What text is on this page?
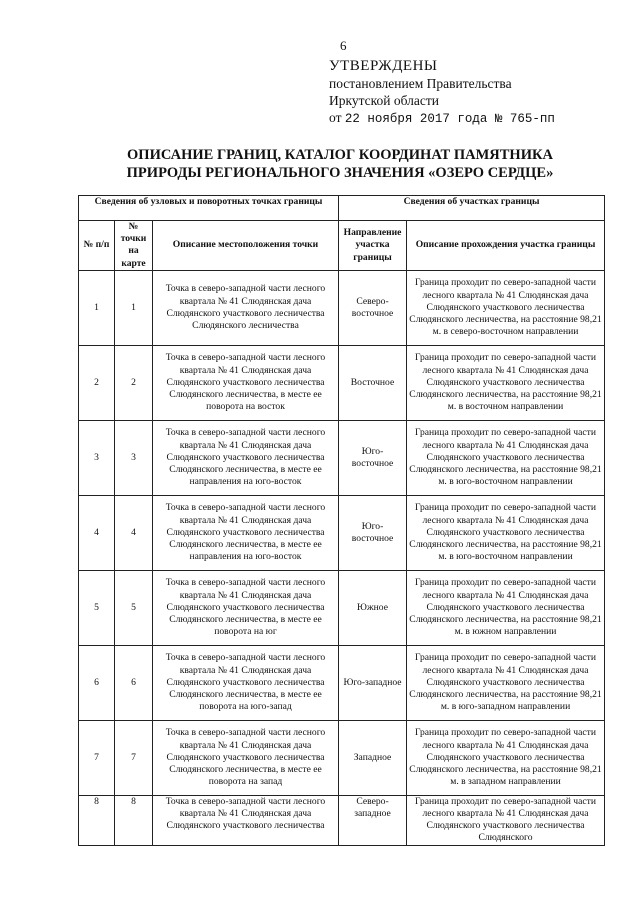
6
УТВЕРЖДЕНЫ
постановлением Правительства
Иркутской области
от 22 ноября 2017 года № 765-пп
ОПИСАНИЕ ГРАНИЦ, КАТАЛОГ КООРДИНАТ ПАМЯТНИКА
ПРИРОДЫ РЕГИОНАЛЬНОГО ЗНАЧЕНИЯ «ОЗЕРО СЕРДЦЕ»
Сведения об узловых и поворотных точках границы			Сведения об участках границы	
№ п/п	№ точки на карте	Описание местоположения точки	Направление участка границы	Описание прохождения участка границы
1	1	Точка в северо-западной части лесного квартала № 41 Слюдянская дача Слюдянского участкового лесничества Слюдянского лесничества	Северо-восточное	Граница проходит по северо-западной части лесного квартала № 41 Слюдянская дача Слюдянского участкового лесничества Слюдянского лесничества, на расстояние 98,21 м. в северо-восточном направлении
2	2	Точка в северо-западной части лесного квартала № 41 Слюдянская дача Слюдянского участкового лесничества Слюдянского лесничества, в месте ее поворота на восток	Восточное	Граница проходит по северо-западной части лесного квартала № 41 Слюдянская дача Слюдянского участкового лесничества Слюдянского лесничества, на расстояние 98,21 м. в восточном направлении
3	3	Точка в северо-западной части лесного квартала № 41 Слюдянская дача Слюдянского участкового лесничества Слюдянского лесничества, в месте ее направления на юго-восток	Юго-восточное	Граница проходит по северо-западной части лесного квартала № 41 Слюдянская дача Слюдянского участкового лесничества Слюдянского лесничества, на расстояние 98,21 м. в юго-восточном направлении
4	4	Точка в северо-западной части лесного квартала № 41 Слюдянская дача Слюдянского участкового лесничества Слюдянского лесничества, в месте ее направления на юго-восток	Юго-восточное	Граница проходит по северо-западной части лесного квартала № 41 Слюдянская дача Слюдянского участкового лесничества Слюдянского лесничества, на расстояние 98,21 м. в юго-восточном направлении
5	5	Точка в северо-западной части лесного квартала № 41 Слюдянская дача Слюдянского участкового лесничества Слюдянского лесничества, в месте ее поворота на юг	Южное	Граница проходит по северо-западной части лесного квартала № 41 Слюдянская дача Слюдянского участкового лесничества Слюдянского лесничества, на расстояние 98,21 м. в южном направлении
6	6	Точка в северо-западной части лесного квартала № 41 Слюдянская дача Слюдянского участкового лесничества Слюдянского лесничества, в месте ее поворота на юго-запад	Юго-западное	Граница проходит по северо-западной части лесного квартала № 41 Слюдянская дача Слюдянского участкового лесничества Слюдянского лесничества, на расстояние 98,21 м. в юго-западном направлении
7	7	Точка в северо-западной части лесного квартала № 41 Слюдянская дача Слюдянского участкового лесничества Слюдянского лесничества, в месте ее поворота на запад	Западное	Граница проходит по северо-западной части лесного квартала № 41 Слюдянская дача Слюдянского участкового лесничества Слюдянского лесничества, на расстояние 98,21 м. в западном направлении
8	8	Точка в северо-западной части лесного квартала № 41 Слюдянская дача Слюдянского участкового лесничества	Северо-западное	Граница проходит по северо-западной части лесного квартала № 41 Слюдянская дача Слюдянского участкового лесничества Слюдянского
